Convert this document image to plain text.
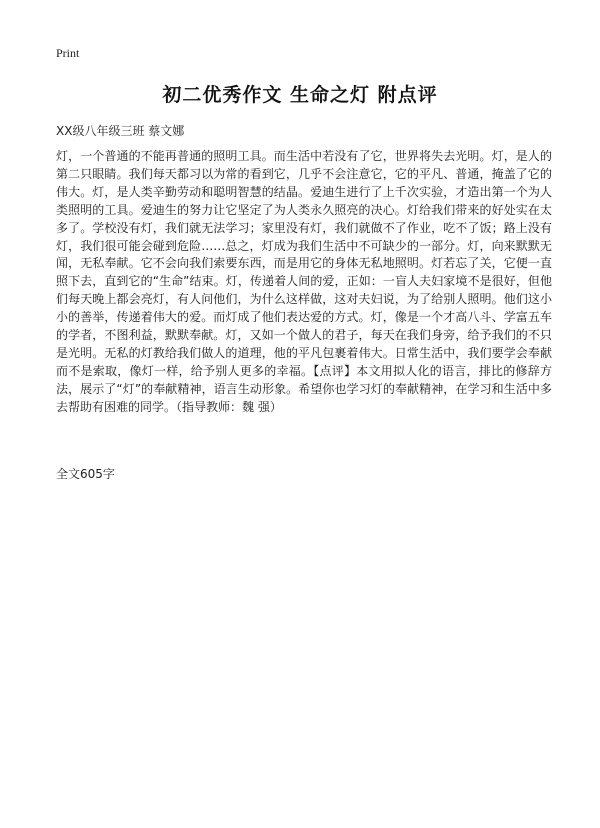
Print
初二优秀作文 生命之灯 附点评
XX级八年级三班 蔡文娜

灯，一个普通的不能再普通的照明工具。而生活中若没有了它，世界将失去光明。灯，是人的第二只眼睛。我们每天都习以为常的看到它，几乎不会注意它，它的平凡、普通，掩盖了它的伟大。灯，是人类辛勤劳动和聪明智慧的结晶。爱迪生进行了上千次实验，才造出第一个为人类照明的工具。爱迪生的努力让它坚定了为人类永久照亮的决心。灯给我们带来的好处实在太多了。学校没有灯，我们就无法学习；家里没有灯，我们就做不了作业，吃不了饭；路上没有灯，我们很可能会碰到危险……总之，灯成为我们生活中不可缺少的一部分。灯，向来默默无闻，无私奉献。它不会向我们索要东西，而是用它的身体无私地照明。灯若忘了关，它便一直照下去，直到它的“生命”结束。灯，传递着人间的爱，正如：一盲人夫妇家境不是很好，但他们每天晚上都会亮灯，有人问他们，为什么这样做，这对夫妇说，为了给别人照明。他们这小小的善举，传递着伟大的爱。而灯成了他们表达爱的方式。灯，像是一个才高八斗、学富五车的学者，不图利益，默默奉献。灯，又如一个做人的君子，每天在我们身旁，给予我们的不只是光明。无私的灯教给我们做人的道理，他的平凡包裹着伟大。日常生活中，我们要学会奉献而不是索取，像灯一样，给予别人更多的幸福。【点评】本文用拟人化的语言，排比的修辞方法，展示了“灯”的奉献精神，语言生动形象。希望你也学习灯的奉献精神，在学习和生活中多去帮助有困难的同学。（指导教师：魏 强）

全文605字
